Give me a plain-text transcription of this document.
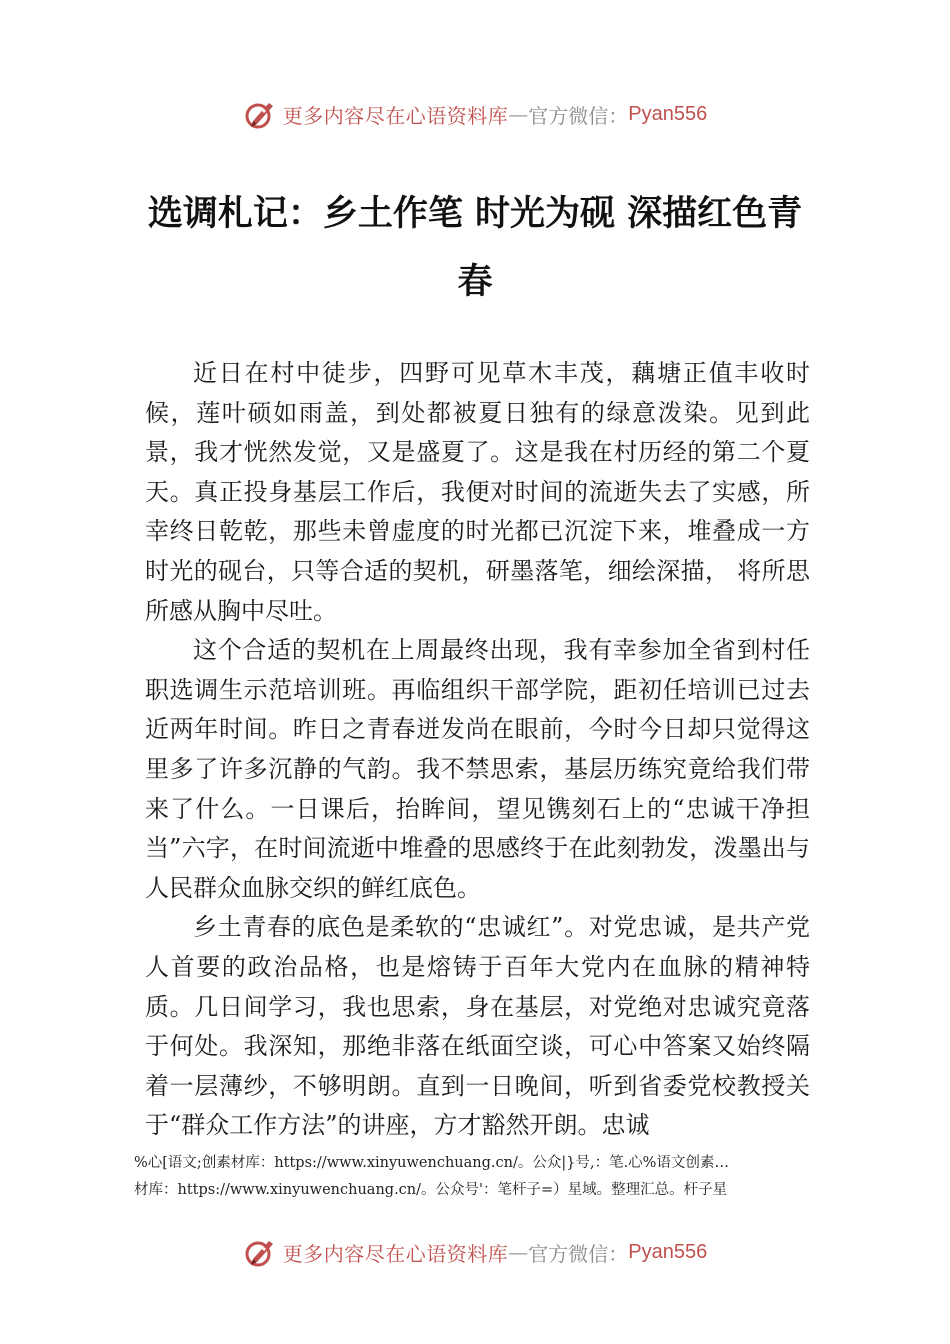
更多内容尽在心语资料库 — 官方微信： Pyan556
选调札记：乡土作笔 时光为砚 深描红色青春

近日在村中徒步，四野可见草木丰茂，藕塘正值丰收时候，莲叶硕如雨盖，到处都被夏日独有的绿意泼染。见到此景，我才恍然发觉，又是盛夏了。这是我在村历经的第二个夏天。真正投身基层工作后，我便对时间的流逝失去了实感，所幸终日乾乾，那些未曾虚度的时光都已沉淀下来，堆叠成一方时光的砚台，只等合适的契机，研墨落笔，细绘深描， 将所思所感从胸中尽吐。

这个合适的契机在上周最终出现，我有幸参加全省到村任职选调生示范培训班。再临组织干部学院，距初任培训已过去近两年时间。昨日之青春迸发尚在眼前，今时今日却只觉得这里多了许多沉静的气韵。我不禁思索，基层历练究竟给我们带来了什么。一日课后，抬眸间，望见镌刻石上的“忠诚干净担当”六字，在时间流逝中堆叠的思感终于在此刻勃发，泼墨出与人民群众血脉交织的鲜红底色。

乡土青春的底色是柔软的“忠诚红”。对党忠诚，是共产党人首要的政治品格，也是熔铸于百年大党内在血脉的精神特质。几日间学习，我也思索，身在基层，对党绝对忠诚究竟落于何处。我深知，那绝非落在纸面空谈，可心中答案又始终隔着一层薄纱，不够明朗。直到一日晚间，听到省委党校教授关于“群众工作方法”的讲座，方才豁然开朗。忠诚

%心[语文;创素材库：https://www.xinyuwenchuang.cn/。公众|}号,：笔.心%语文创素…
材库：https://www.xinyuwenchuang.cn/。公众号'：笔杆子=）星域。整理汇总。杆子星
更多内容尽在心语资料库 — 官方微信： Pyan556
